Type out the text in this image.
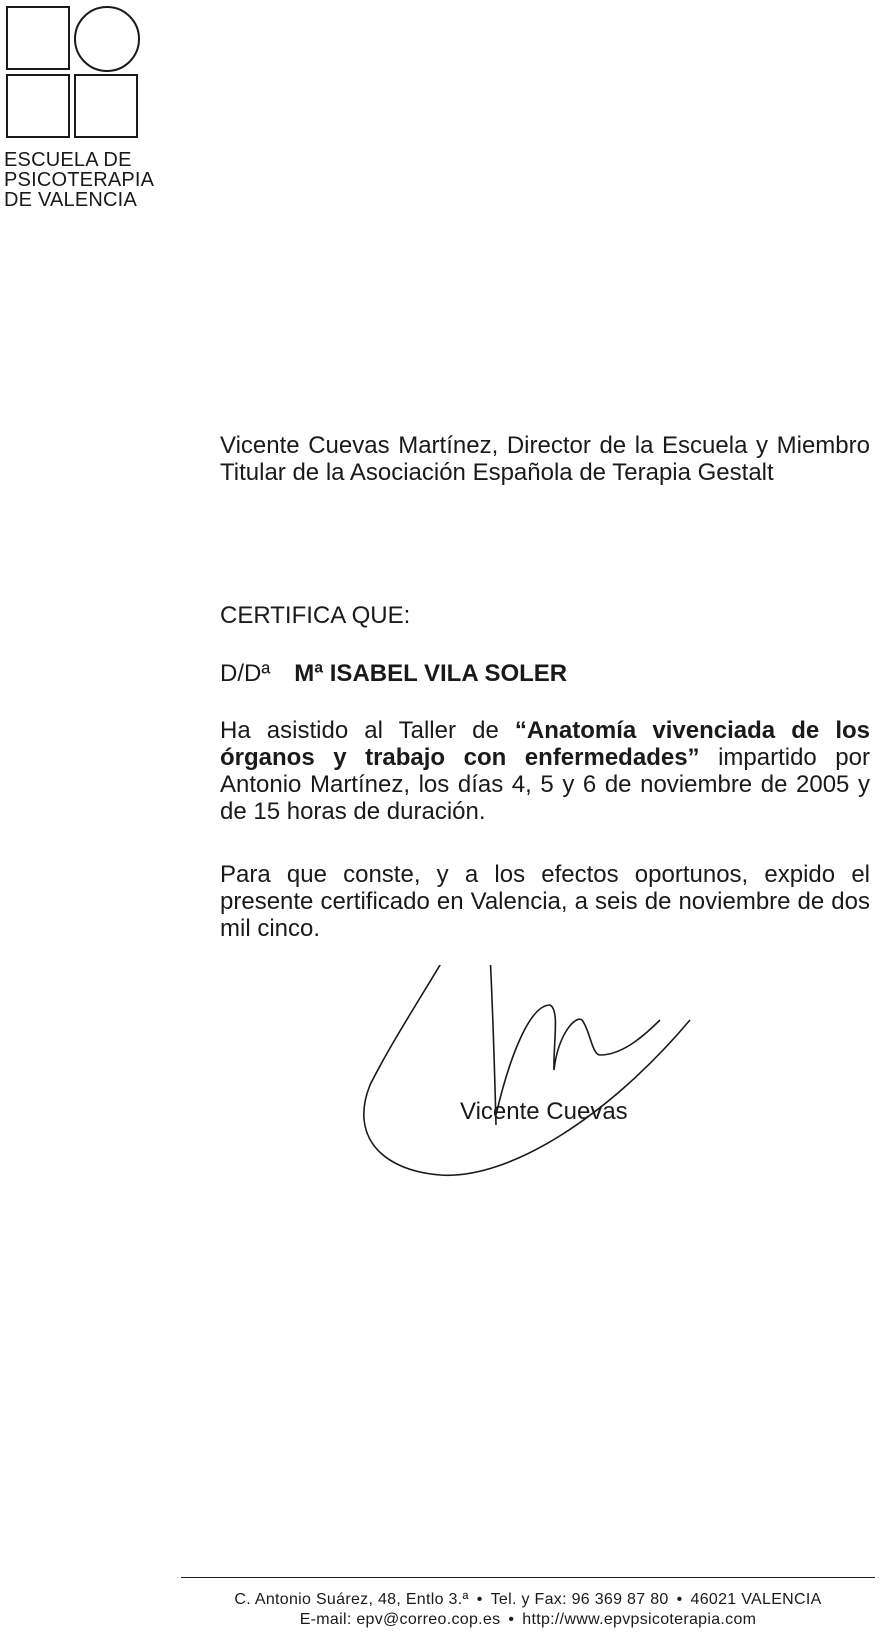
ESCUELA DE
PSICOTERAPIA
DE VALENCIA
Vicente Cuevas Martínez, Director de la Escuela y Miembro Titular de la Asociación Española de Terapia Gestalt
CERTIFICA QUE:
D/Dª Mª ISABEL VILA SOLER
Ha asistido al Taller de “Anatomía vivenciada de los órganos y trabajo con enfermedades” impartido por Antonio Martínez, los días 4, 5 y 6 de noviembre de 2005 y de 15 horas de duración.
Para que conste, y a los efectos oportunos, expido el presente certificado en Valencia, a seis de noviembre de dos mil cinco.
Vicente Cuevas
C. Antonio Suárez, 48, Entlo 3.ª • Tel. y Fax: 96 369 87 80 • 46021 VALENCIA
E-mail: epv@correo.cop.es • http://www.epvpsicoterapia.com
